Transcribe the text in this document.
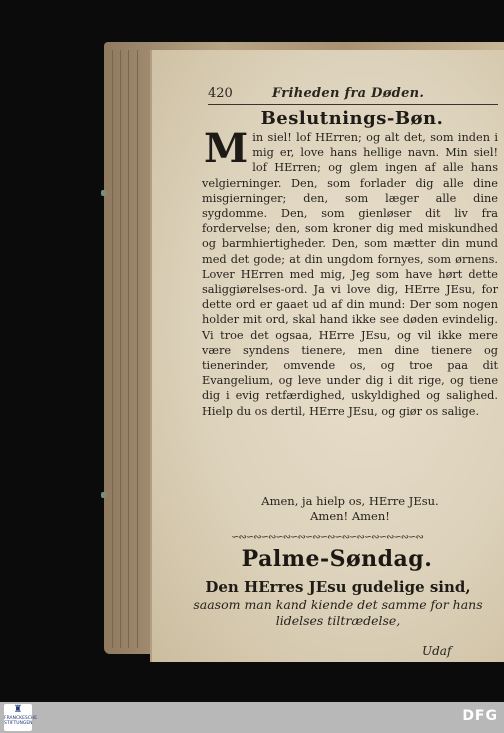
420	Friheden fra Døden.
Beslutnings-Bøn.
M in siel! lof HErren; og alt det, som inden i mig er, love hans hellige navn. Min siel! lof HErren; og glem ingen af alle hans velgierninger. Den, som forlader dig alle dine misgierninger; den, som læger alle dine sygdomme. Den, som gienløser dit liv fra fordervelse; den, som kroner dig med miskundhed og barmhiertigheder. Den, som mætter din mund med det gode; at din ungdom fornyes, som ørnens. Lover HErren med mig, Jeg som have hørt dette saliggiørelses-ord. Ja vi love dig, HErre JEsu, for dette ord er gaaet ud af din mund: Der som nogen holder mit ord, skal hand ikke see døden evindelig. Vi troe det ogsaa, HErre JEsu, og vil ikke mere være syndens tienere, men dine tienere og tienerinder, omvende os, og troe paa dit Evangelium, og leve under dig i dit rige, og tiene dig i evig retfærdighed, uskyldighed og salighed. Hielp du os dertil, HErre JEsu, og giør os salige.
Amen, ja hielp os, HErre JEsu.
Amen! Amen!
∽∾∽∾∽∾∽∾∽∾∽∾∽∾∽∾∽∾∽∾∽∾∽∾∽∾
Palme-Søndag.
Den HErres JEsu gudelige sind,
saasom man kand kiende det samme for hans lidelses tiltrædelse,
Udaf
♜
FRANCKESCHE STIFTUNGEN	DFG
